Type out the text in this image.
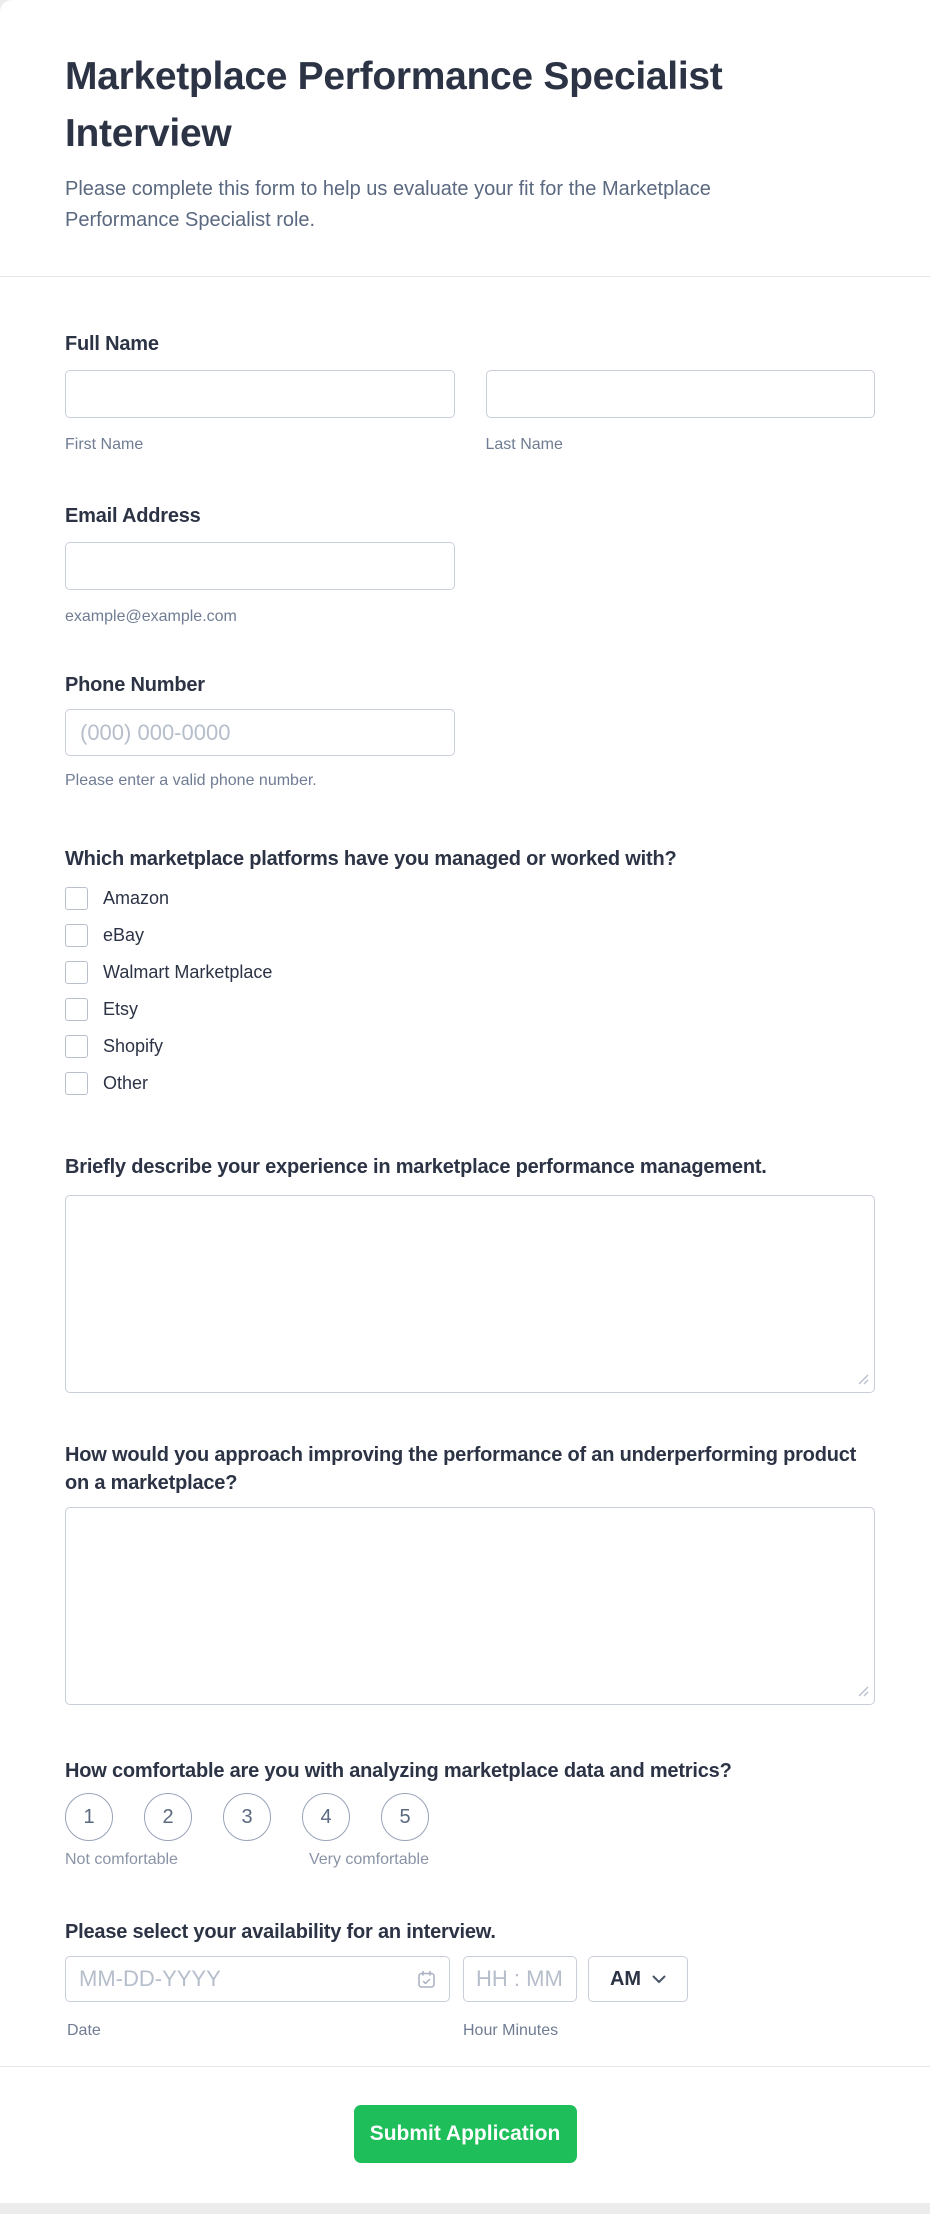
Marketplace Performance Specialist Interview

Please complete this form to help us evaluate your fit for the Marketplace Performance Specialist role.

Full Name
First Name	Last Name
Email Address
example@example.com
Phone Number
(000) 000-0000
Please enter a valid phone number.
Which marketplace platforms have you managed or worked with?
Amazon
eBay
Walmart Marketplace
Etsy
Shopify
Other
Briefly describe your experience in marketplace performance management.
How would you approach improving the performance of an underperforming product on a marketplace?
How comfortable are you with analyzing marketplace data and metrics?
1	2	3	4	5
Not comfortable	Very comfortable
Please select your availability for an interview.
MM-DD-YYYY
HH : MM
AM
Date	Hour Minutes
Submit Application
